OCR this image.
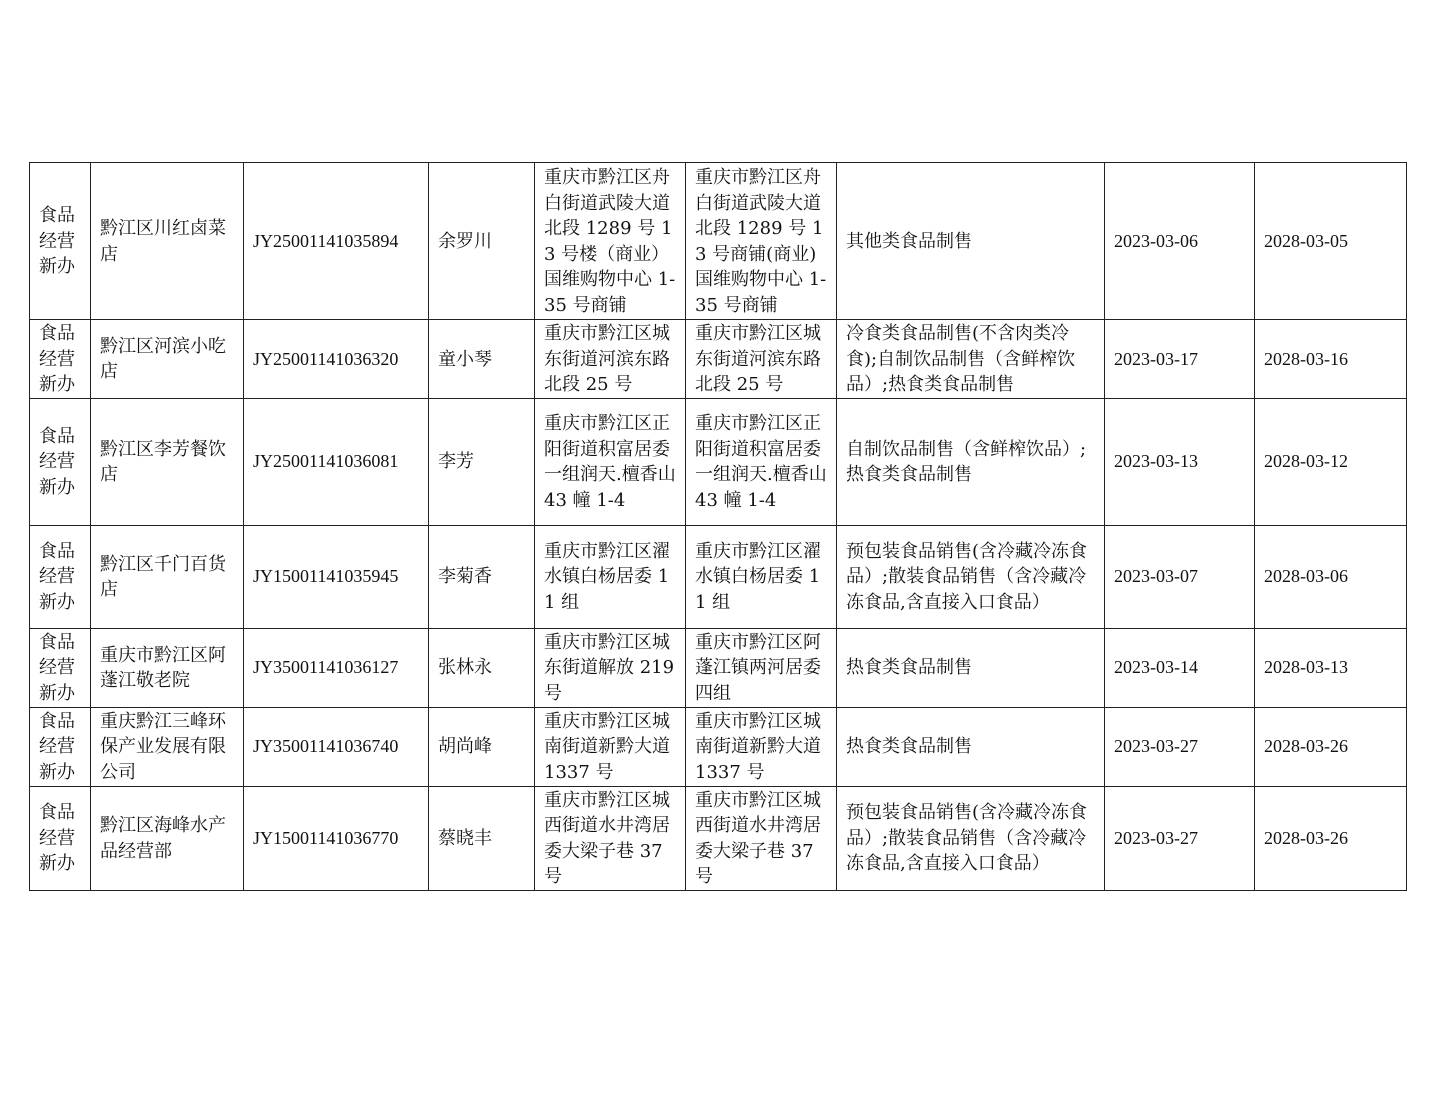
食品经营新办	黔江区川红卤菜店	JY25001141035894	余罗川	重庆市黔江区舟白街道武陵大道北段 1289 号 13 号楼（商业）国维购物中心 1-35 号商铺	重庆市黔江区舟白街道武陵大道北段 1289 号 13 号商铺(商业)国维购物中心 1-35 号商铺	其他类食品制售	2023-03-06	2028-03-05
食品经营新办	黔江区河滨小吃店	JY25001141036320	童小琴	重庆市黔江区城东街道河滨东路北段 25 号	重庆市黔江区城东街道河滨东路北段 25 号	冷食类食品制售(不含肉类冷食);自制饮品制售（含鲜榨饮品）;热食类食品制售	2023-03-17	2028-03-16
食品经营新办	黔江区李芳餐饮店	JY25001141036081	李芳	重庆市黔江区正阳街道积富居委一组润天.檀香山 43 幢 1-4	重庆市黔江区正阳街道积富居委一组润天.檀香山 43 幢 1-4	自制饮品制售（含鲜榨饮品）;热食类食品制售	2023-03-13	2028-03-12
食品经营新办	黔江区千门百货店	JY15001141035945	李菊香	重庆市黔江区濯水镇白杨居委 11 组	重庆市黔江区濯水镇白杨居委 11 组	预包装食品销售(含冷藏冷冻食品）;散装食品销售（含冷藏冷冻食品,含直接入口食品）	2023-03-07	2028-03-06
食品经营新办	重庆市黔江区阿蓬江敬老院	JY35001141036127	张林永	重庆市黔江区城东街道解放 219 号	重庆市黔江区阿蓬江镇两河居委四组	热食类食品制售	2023-03-14	2028-03-13
食品经营新办	重庆黔江三峰环保产业发展有限公司	JY35001141036740	胡尚峰	重庆市黔江区城南街道新黔大道 1337 号	重庆市黔江区城南街道新黔大道 1337 号	热食类食品制售	2023-03-27	2028-03-26
食品经营新办	黔江区海峰水产品经营部	JY15001141036770	蔡晓丰	重庆市黔江区城西街道水井湾居委大梁子巷 37 号	重庆市黔江区城西街道水井湾居委大梁子巷 37 号	预包装食品销售(含冷藏冷冻食品）;散装食品销售（含冷藏冷冻食品,含直接入口食品）	2023-03-27	2028-03-26
